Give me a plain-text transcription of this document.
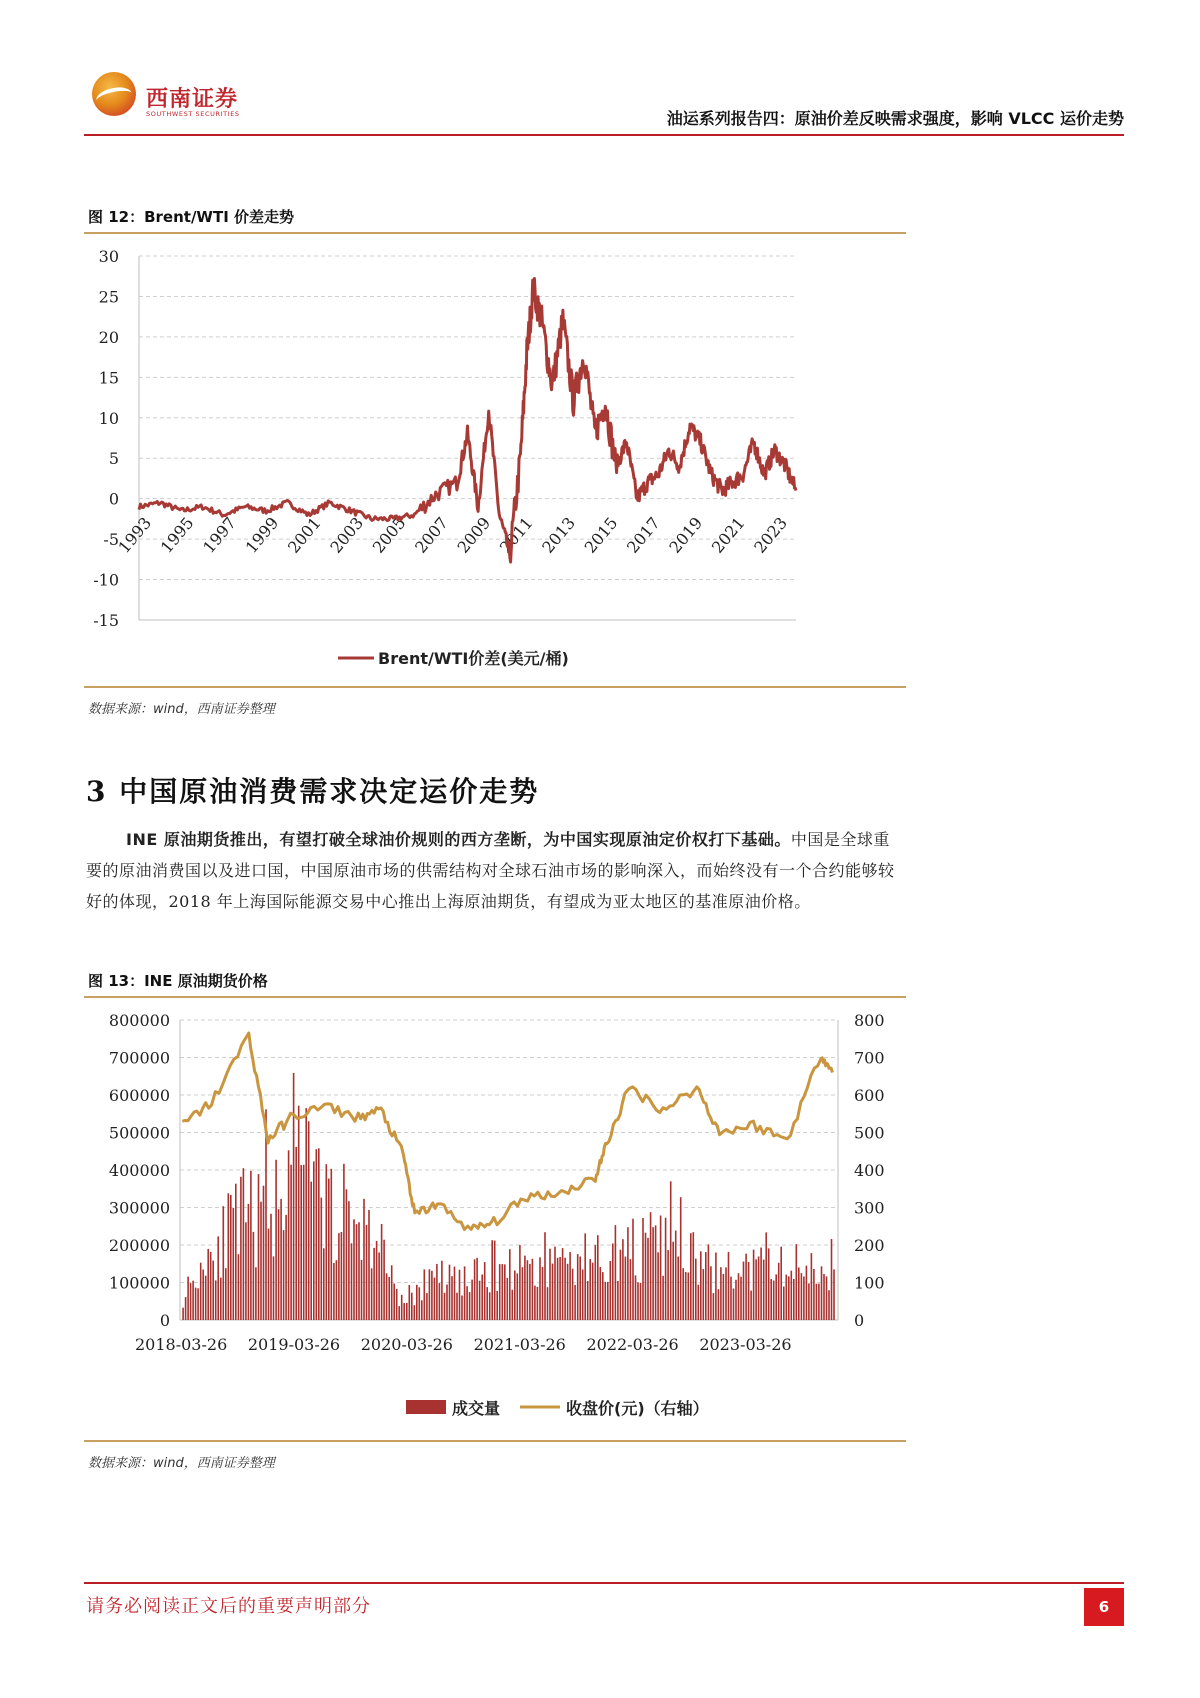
西南证券
SOUTHWEST SECURITIES	油运系列报告四：原油价差反映需求强度，影响 VLCC 运价走势
图 12：Brent/WTI 价差走势
30
25
20
15
10
5
0
-5
-10
-15
1993 1995 1997 1999 2001 2003 2005 2007 2009 2011 2013 2015 2017 2019 2021 2023
Brent/WTI价差(美元/桶)
数据来源：wind，西南证券整理
3 中国原油消费需求决定运价走势
INE 原油期货推出，有望打破全球油价规则的西方垄断，为中国实现原油定价权打下基础。中国是全球重要的原油消费国以及进口国，中国原油市场的供需结构对全球石油市场的影响深入，而始终没有一个合约能够较好的体现，2018 年上海国际能源交易中心推出上海原油期货，有望成为亚太地区的基准原油价格。
图 13：INE 原油期货价格
800000
700000
600000
500000
400000
300000
200000
100000
0
800
700
600
500
400
300
200
100
0
2018-03-26 2019-03-26 2020-03-26 2021-03-26 2022-03-26 2023-03-26
成交量	收盘价(元)（右轴）
数据来源：wind，西南证券整理
请务必阅读正文后的重要声明部分	6
